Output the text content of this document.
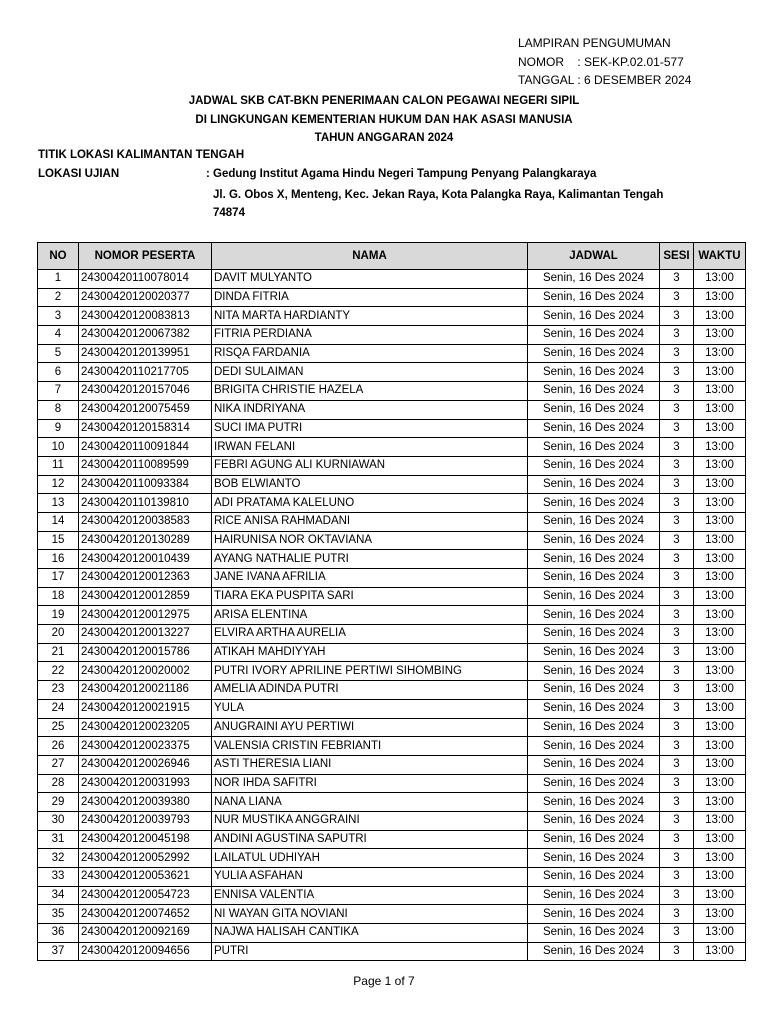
LAMPIRAN PENGUMUMAN
NOMOR    : SEK-KP.02.01-577
TANGGAL : 6 DESEMBER 2024
JADWAL SKB CAT-BKN PENERIMAAN CALON PEGAWAI NEGERI SIPIL
DI LINGKUNGAN KEMENTERIAN HUKUM DAN HAK ASASI MANUSIA
TAHUN ANGGARAN 2024
TITIK LOKASI KALIMANTAN TENGAH
LOKASI UJIAN	: Gedung Institut Agama Hindu Negeri Tampung Penyang Palangkaraya
Jl. G. Obos X, Menteng, Kec. Jekan Raya, Kota Palangka Raya, Kalimantan Tengah 74874
NO	NOMOR PESERTA	NAMA	JADWAL	SESI	WAKTU
1	24300420110078014	DAVIT MULYANTO	Senin, 16 Des 2024	3	13:00
2	24300420120020377	DINDA FITRIA	Senin, 16 Des 2024	3	13:00
3	24300420120083813	NITA MARTA HARDIANTY	Senin, 16 Des 2024	3	13:00
4	24300420120067382	FITRIA PERDIANA	Senin, 16 Des 2024	3	13:00
5	24300420120139951	RISQA FARDANIA	Senin, 16 Des 2024	3	13:00
6	24300420110217705	DEDI SULAIMAN	Senin, 16 Des 2024	3	13:00
7	24300420120157046	BRIGITA CHRISTIE HAZELA	Senin, 16 Des 2024	3	13:00
8	24300420120075459	NIKA INDRIYANA	Senin, 16 Des 2024	3	13:00
9	24300420120158314	SUCI IMA PUTRI	Senin, 16 Des 2024	3	13:00
10	24300420110091844	IRWAN FELANI	Senin, 16 Des 2024	3	13:00
11	24300420110089599	FEBRI AGUNG ALI KURNIAWAN	Senin, 16 Des 2024	3	13:00
12	24300420110093384	BOB ELWIANTO	Senin, 16 Des 2024	3	13:00
13	24300420110139810	ADI PRATAMA KALELUNO	Senin, 16 Des 2024	3	13:00
14	24300420120038583	RICE ANISA RAHMADANI	Senin, 16 Des 2024	3	13:00
15	24300420120130289	HAIRUNISA NOR OKTAVIANA	Senin, 16 Des 2024	3	13:00
16	24300420120010439	AYANG NATHALIE PUTRI	Senin, 16 Des 2024	3	13:00
17	24300420120012363	JANE IVANA AFRILIA	Senin, 16 Des 2024	3	13:00
18	24300420120012859	TIARA EKA PUSPITA SARI	Senin, 16 Des 2024	3	13:00
19	24300420120012975	ARISA ELENTINA	Senin, 16 Des 2024	3	13:00
20	24300420120013227	ELVIRA ARTHA AURELIA	Senin, 16 Des 2024	3	13:00
21	24300420120015786	ATIKAH MAHDIYYAH	Senin, 16 Des 2024	3	13:00
22	24300420120020002	PUTRI IVORY APRILINE PERTIWI SIHOMBING	Senin, 16 Des 2024	3	13:00
23	24300420120021186	AMELIA ADINDA PUTRI	Senin, 16 Des 2024	3	13:00
24	24300420120021915	YULA	Senin, 16 Des 2024	3	13:00
25	24300420120023205	ANUGRAINI AYU PERTIWI	Senin, 16 Des 2024	3	13:00
26	24300420120023375	VALENSIA CRISTIN FEBRIANTI	Senin, 16 Des 2024	3	13:00
27	24300420120026946	ASTI THERESIA LIANI	Senin, 16 Des 2024	3	13:00
28	24300420120031993	NOR IHDA SAFITRI	Senin, 16 Des 2024	3	13:00
29	24300420120039380	NANA LIANA	Senin, 16 Des 2024	3	13:00
30	24300420120039793	NUR MUSTIKA ANGGRAINI	Senin, 16 Des 2024	3	13:00
31	24300420120045198	ANDINI AGUSTINA SAPUTRI	Senin, 16 Des 2024	3	13:00
32	24300420120052992	LAILATUL UDHIYAH	Senin, 16 Des 2024	3	13:00
33	24300420120053621	YULIA ASFAHAN	Senin, 16 Des 2024	3	13:00
34	24300420120054723	ENNISA VALENTIA	Senin, 16 Des 2024	3	13:00
35	24300420120074652	NI WAYAN GITA NOVIANI	Senin, 16 Des 2024	3	13:00
36	24300420120092169	NAJWA HALISAH CANTIKA	Senin, 16 Des 2024	3	13:00
37	24300420120094656	PUTRI	Senin, 16 Des 2024	3	13:00
Page 1 of 7
